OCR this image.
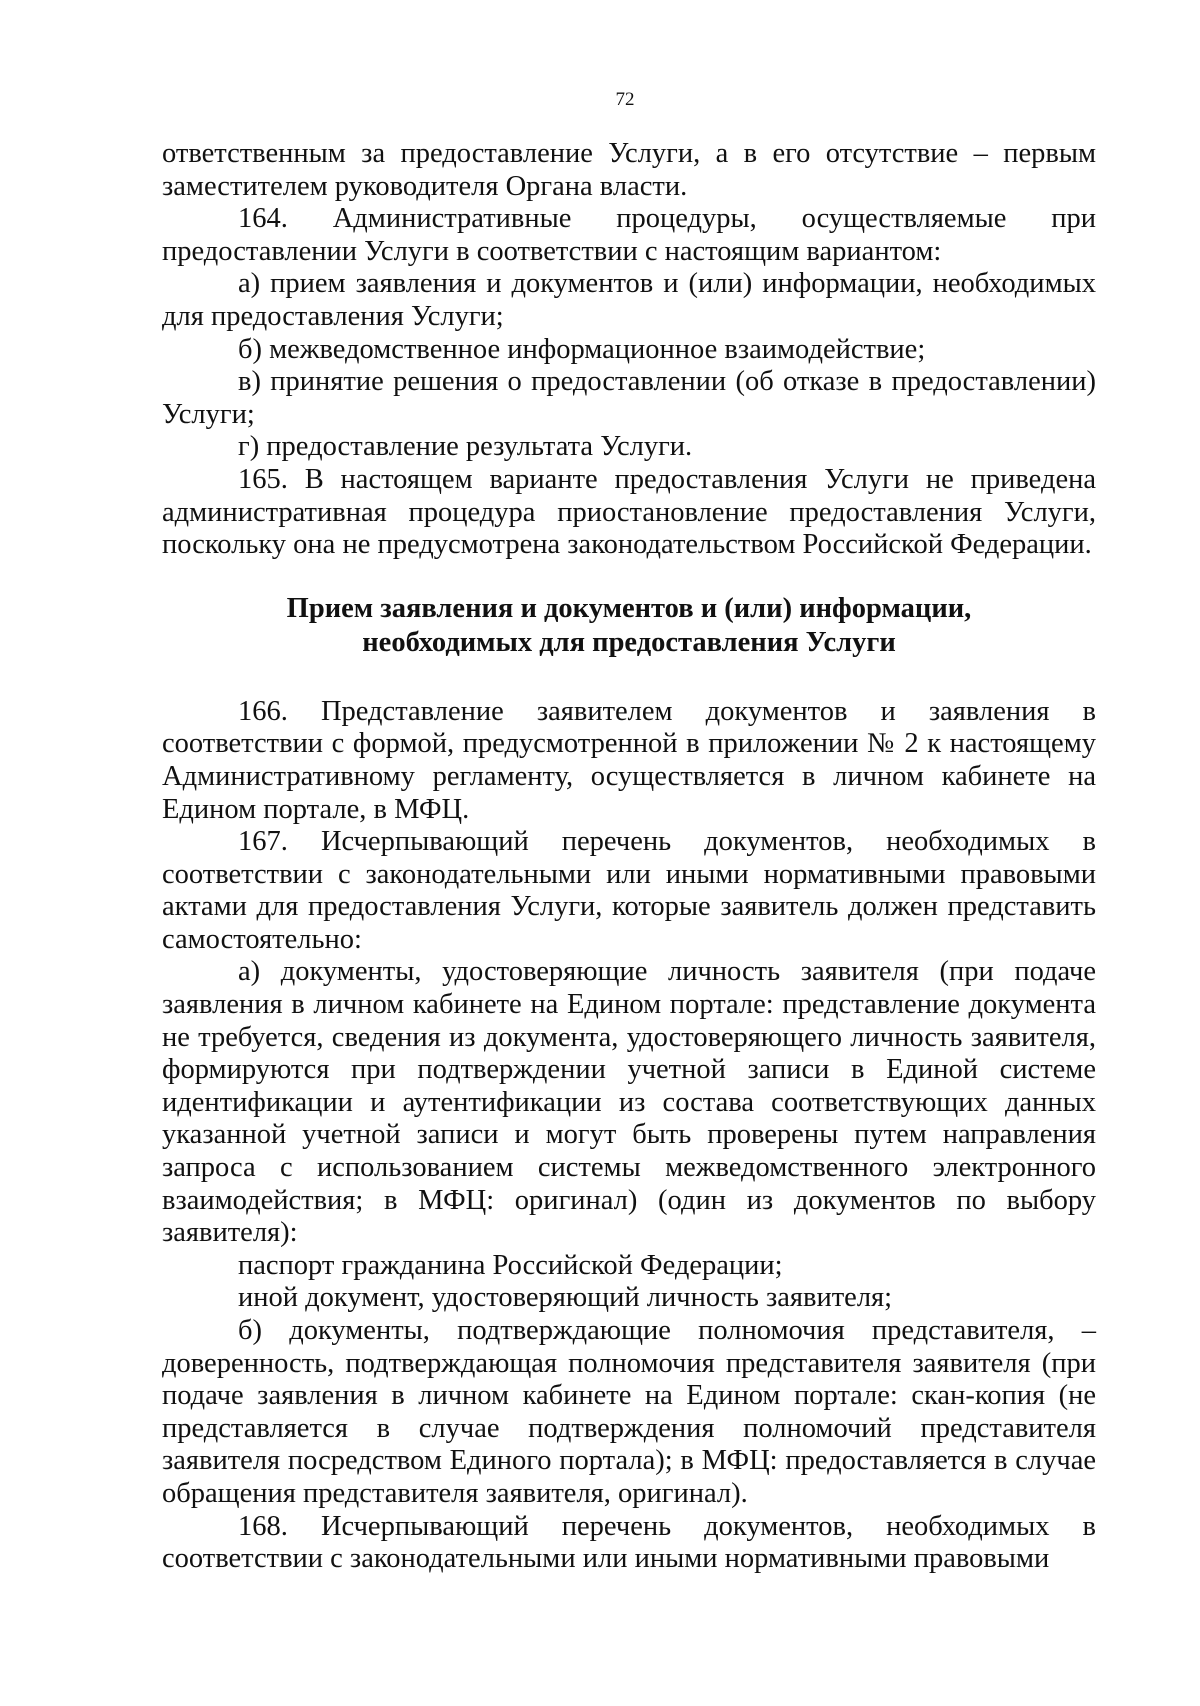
72

ответственным за предоставление Услуги, а в его отсутствие – первым заместителем руководителя Органа власти.

164. Административные процедуры, осуществляемые при предоставлении Услуги в соответствии с настоящим вариантом:

а) прием заявления и документов и (или) информации, необходимых для предоставления Услуги;

б) межведомственное информационное взаимодействие;

в) принятие решения о предоставлении (об отказе в предоставлении) Услуги;

г) предоставление результата Услуги.

165. В настоящем варианте предоставления Услуги не приведена административная процедура приостановление предоставления Услуги, поскольку она не предусмотрена законодательством Российской Федерации.

Прием заявления и документов и (или) информации,
необходимых для предоставления Услуги

166. Представление заявителем документов и заявления в соответствии с формой, предусмотренной в приложении № 2 к настоящему Административному регламенту, осуществляется в личном кабинете на Едином портале, в МФЦ.

167. Исчерпывающий перечень документов, необходимых в соответствии с законодательными или иными нормативными правовыми актами для предоставления Услуги, которые заявитель должен представить самостоятельно:

а) документы, удостоверяющие личность заявителя (при подаче заявления в личном кабинете на Едином портале: представление документа не требуется, сведения из документа, удостоверяющего личность заявителя, формируются при подтверждении учетной записи в Единой системе идентификации и аутентификации из состава соответствующих данных указанной учетной записи и могут быть проверены путем направления запроса с использованием системы межведомственного электронного взаимодействия; в МФЦ: оригинал) (один из документов по выбору заявителя):

паспорт гражданина Российской Федерации;

иной документ, удостоверяющий личность заявителя;

б) документы, подтверждающие полномочия представителя, – доверенность, подтверждающая полномочия представителя заявителя (при подаче заявления в личном кабинете на Едином портале: скан-копия (не представляется в случае подтверждения полномочий представителя заявителя посредством Единого портала); в МФЦ: предоставляется в случае обращения представителя заявителя, оригинал).

168. Исчерпывающий перечень документов, необходимых в соответствии с законодательными или иными нормативными правовыми
